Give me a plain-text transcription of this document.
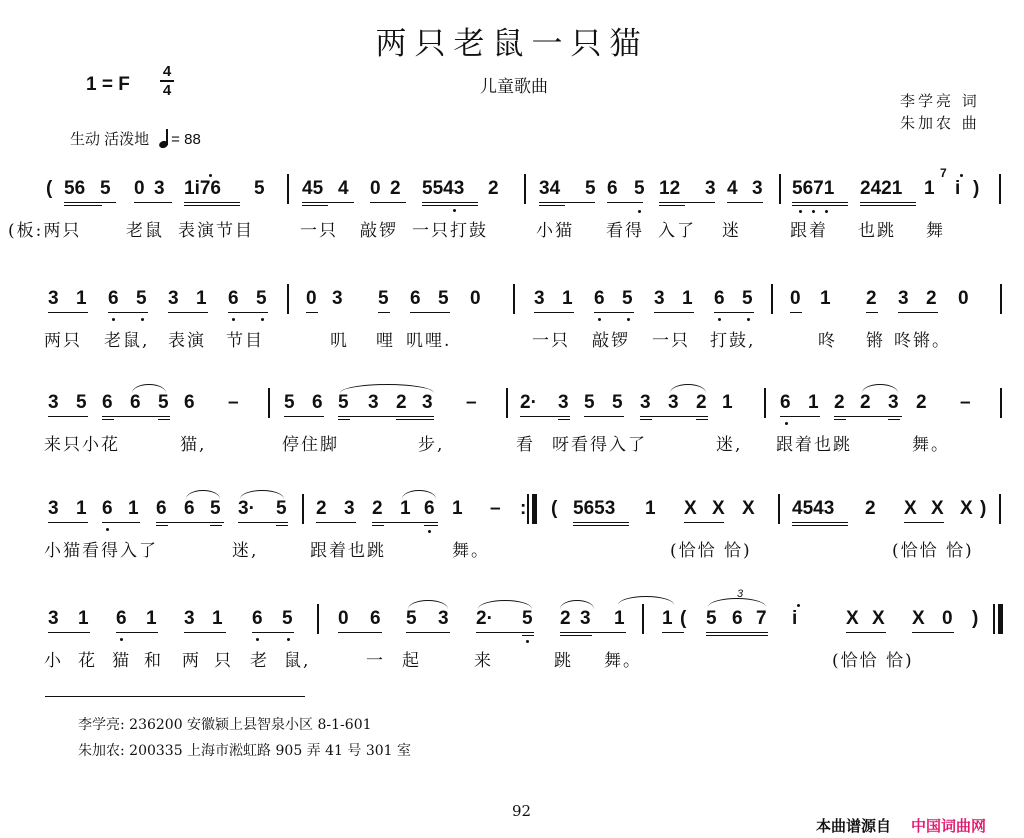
两只老鼠一只猫
儿童歌曲
1 = F
4
4
生动 活泼地 = 88
李学亮 词
朱加农 曲
( 56 5 0 3 1i76 5 45 4 0 2 5543 2 34 5 6 5 12 3 4 3 5671 2421 1
7
i )
(板:两只	老鼠 表演节目	一只 敲锣 一只打鼓	小猫 看得 入了 迷	跟着 也跳 舞
3 1 6 5 3 1 6 5 0 3 5 6 5 0	3 1 6 5 3 1 6 5 0 1 2 3 2 0
两只 老鼠, 表演 节目	叽 哩 叽哩.	一只 敲锣 一只 打鼓,	咚 锵 咚锵。
3 5 6 6 5 6 – 5 6 5 3 2 3 – 2· 3 5 5 3 3 2 1 6 1 2 2 3 2 –
来只小花	猫,	停住脚	步,	看 呀看得入了	迷, 跟着也跳	舞。
3 1 6 1 6 6 5 3· 5 2 3 2 1 6 1 – : ( 5653 1 X X X 4543 2 X X X )
小猫看得入了	迷,	跟着也跳	舞。	(恰恰 恰)	(恰恰 恰)
3 1 6 1 3 1 6 5 0 6 5 3 2· 5 2 3 1 1 ( 5 6 7 i	X X X 0 )
3
小 花 猫 和 两 只 老 鼠,	一 起	来	跳 舞。	(恰恰 恰)
李学亮: 236200 安徽颍上县智泉小区 8-1-601
朱加农: 200335 上海市淞虹路 905 弄 41 号 301 室
92
本曲谱源自 中国词曲网
